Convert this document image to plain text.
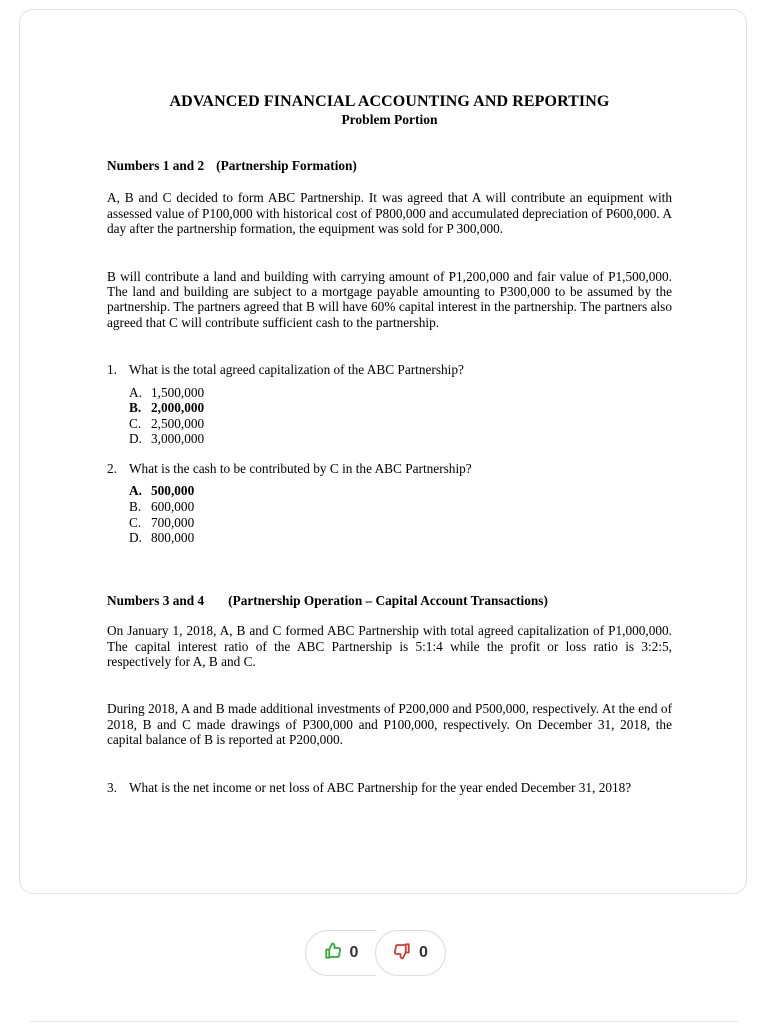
ADVANCED FINANCIAL ACCOUNTING AND REPORTING
Problem Portion
Numbers 1 and 2 (Partnership Formation)

A, B and C decided to form ABC Partnership. It was agreed that A will contribute an equipment with assessed value of P100,000 with historical cost of P800,000 and accumulated depreciation of P600,000. A day after the partnership formation, the equipment was sold for P 300,000.

B will contribute a land and building with carrying amount of P1,200,000 and fair value of P1,500,000. The land and building are subject to a mortgage payable amounting to P300,000 to be assumed by the partnership. The partners agreed that B will have 60% capital interest in the partnership. The partners also agreed that C will contribute sufficient cash to the partnership.

1. What is the total agreed capitalization of the ABC Partnership?
A. 1,500,000
B. 2,000,000
C. 2,500,000
D. 3,000,000
2. What is the cash to be contributed by C in the ABC Partnership?
A. 500,000
B. 600,000
C. 700,000
D. 800,000
Numbers 3 and 4 (Partnership Operation – Capital Account Transactions)

On January 1, 2018, A, B and C formed ABC Partnership with total agreed capitalization of P1,000,000. The capital interest ratio of the ABC Partnership is 5:1:4 while the profit or loss ratio is 3:2:5, respectively for A, B and C.

During 2018, A and B made additional investments of P200,000 and P500,000, respectively. At the end of 2018, B and C made drawings of P300,000 and P100,000, respectively. On December 31, 2018, the capital balance of B is reported at P200,000.

3. What is the net income or net loss of ABC Partnership for the year ended December 31, 2018?
0	0
